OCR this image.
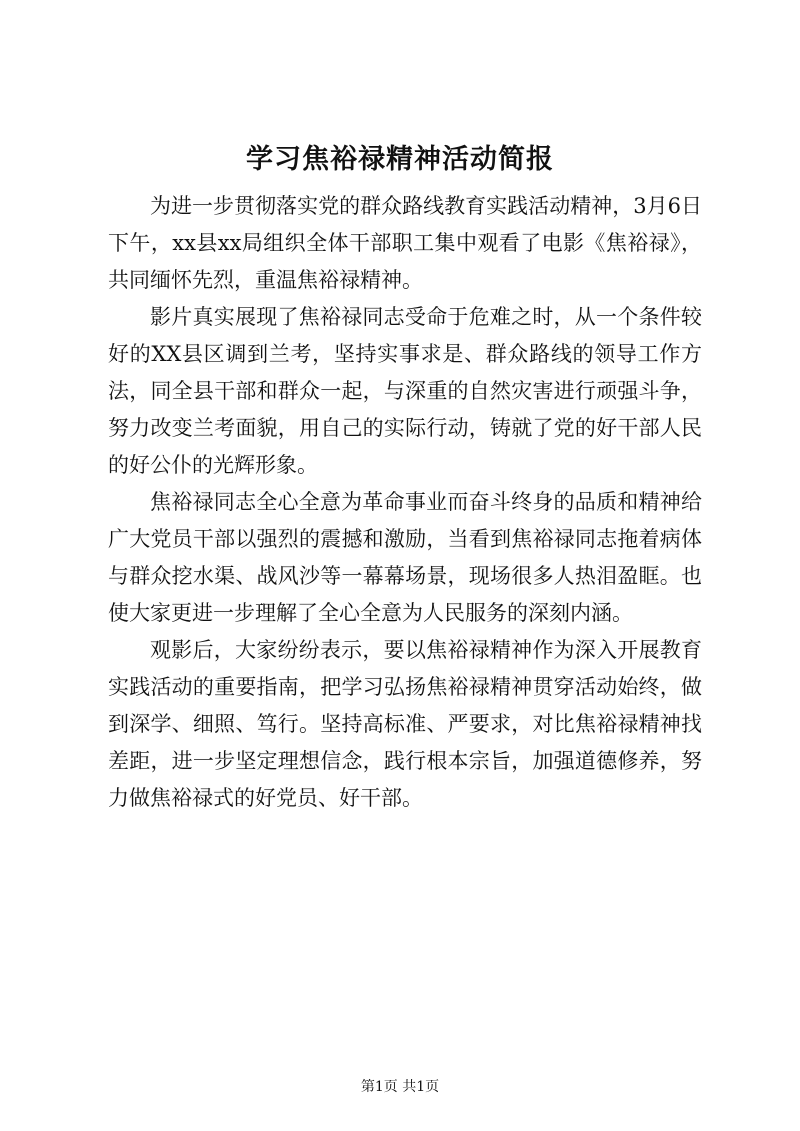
学习焦裕禄精神活动简报

为进一步贯彻落实党的群众路线教育实践活动精神，3月6日下午，xx县xx局组织全体干部职工集中观看了电影《焦裕禄》，共同缅怀先烈，重温焦裕禄精神。

影片真实展现了焦裕禄同志受命于危难之时，从一个条件较好的XX县区调到兰考，坚持实事求是、群众路线的领导工作方法，同全县干部和群众一起，与深重的自然灾害进行顽强斗争，努力改变兰考面貌，用自己的实际行动，铸就了党的好干部人民的好公仆的光辉形象。

焦裕禄同志全心全意为革命事业而奋斗终身的品质和精神给广大党员干部以强烈的震撼和激励，当看到焦裕禄同志拖着病体与群众挖水渠、战风沙等一幕幕场景，现场很多人热泪盈眶。也使大家更进一步理解了全心全意为人民服务的深刻内涵。

观影后，大家纷纷表示，要以焦裕禄精神作为深入开展教育实践活动的重要指南，把学习弘扬焦裕禄精神贯穿活动始终，做到深学、细照、笃行。坚持高标准、严要求，对比焦裕禄精神找差距，进一步坚定理想信念，践行根本宗旨，加强道德修养，努力做焦裕禄式的好党员、好干部。

第1页 共1页
